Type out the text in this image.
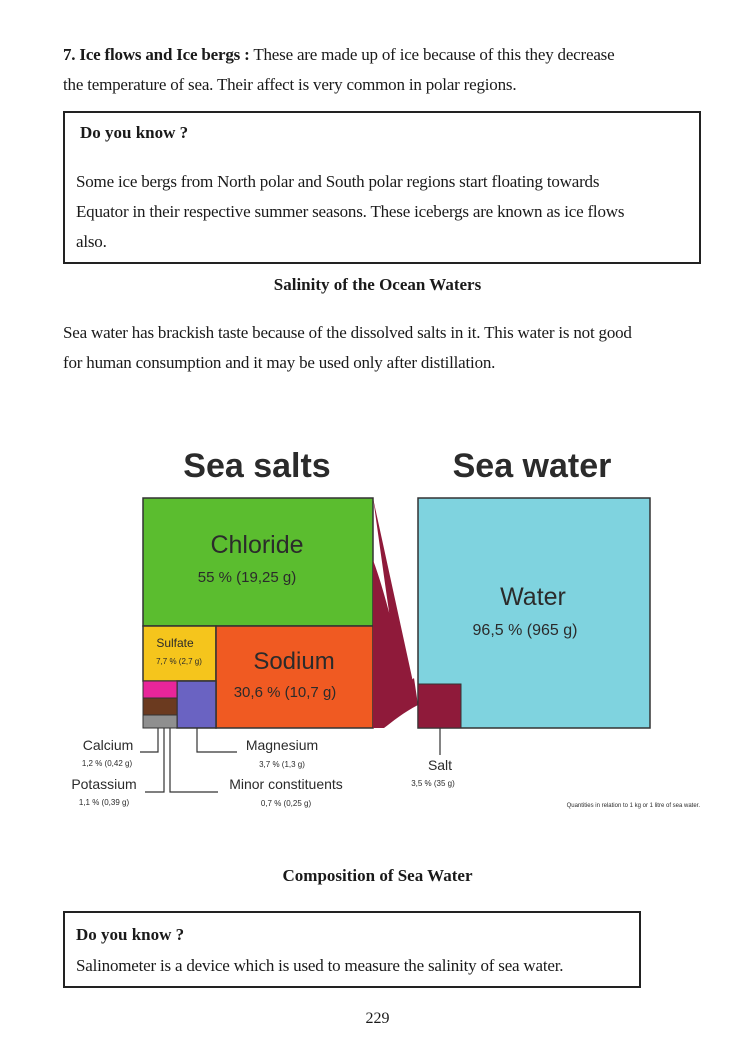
7. Ice flows and Ice bergs : These are made up of ice because of this they decrease
the temperature of sea. Their affect is very common in polar regions.
Do you know ?
Some ice bergs from North polar and South polar regions start floating towards
Equator in their respective summer seasons. These icebergs are known as ice flows
also.
Salinity of the Ocean Waters
Sea water has brackish taste because of the dissolved salts in it. This water is not good
for human consumption and it may be used only after distillation.
Sea salts	Sea water
Chloride
55 % (19,25 g)
Sulfate
7,7 % (2,7 g) Sodium
30,6 % (10,7 g)
Water
96,5 % (965 g)
Calcium
1,2 % (0,42 g)
Potassium
1,1 % (0,39 g)
Magnesium
3,7 % (1,3 g)
Minor constituents
0,7 % (0,25 g)
Salt
3,5 % (35 g)
Quantities in relation to 1 kg or 1 litre of sea water.
Composition of Sea Water
Do you know ?
Salinometer is a device which is used to measure the salinity of sea water.
229
